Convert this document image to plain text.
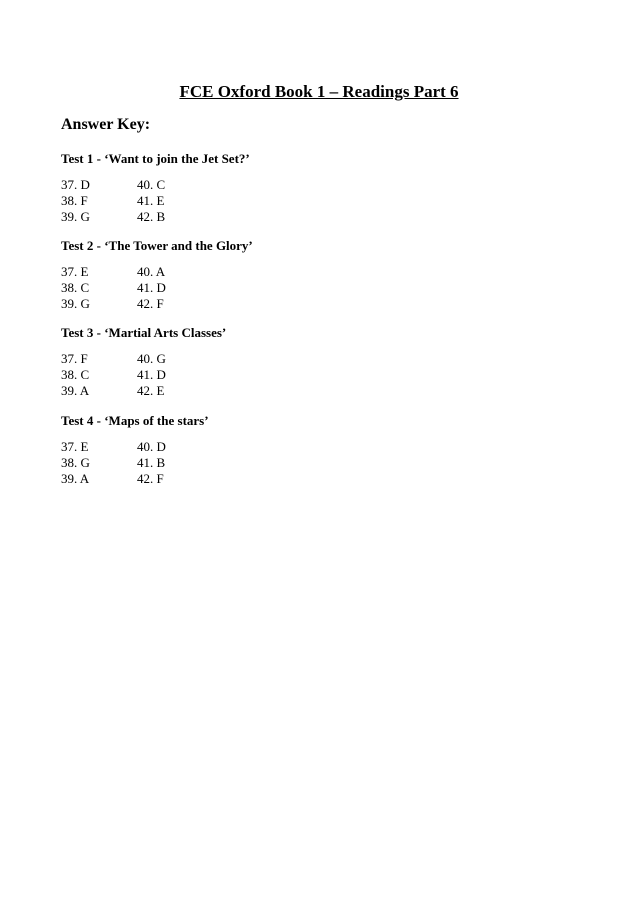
FCE Oxford Book 1 – Readings Part 6
Answer Key:
Test 1 - ‘Want to join the Jet Set?’
37. D
38. F
39. G
40. C
41. E
42. B
Test 2 - ‘The Tower and the Glory’
37. E
38. C
39. G
40. A
41. D
42. F
Test 3 - ‘Martial Arts Classes’
37. F
38. C
39. A
40. G
41. D
42. E
Test 4 - ‘Maps of the stars’
37. E
38. G
39. A
40. D
41. B
42. F
